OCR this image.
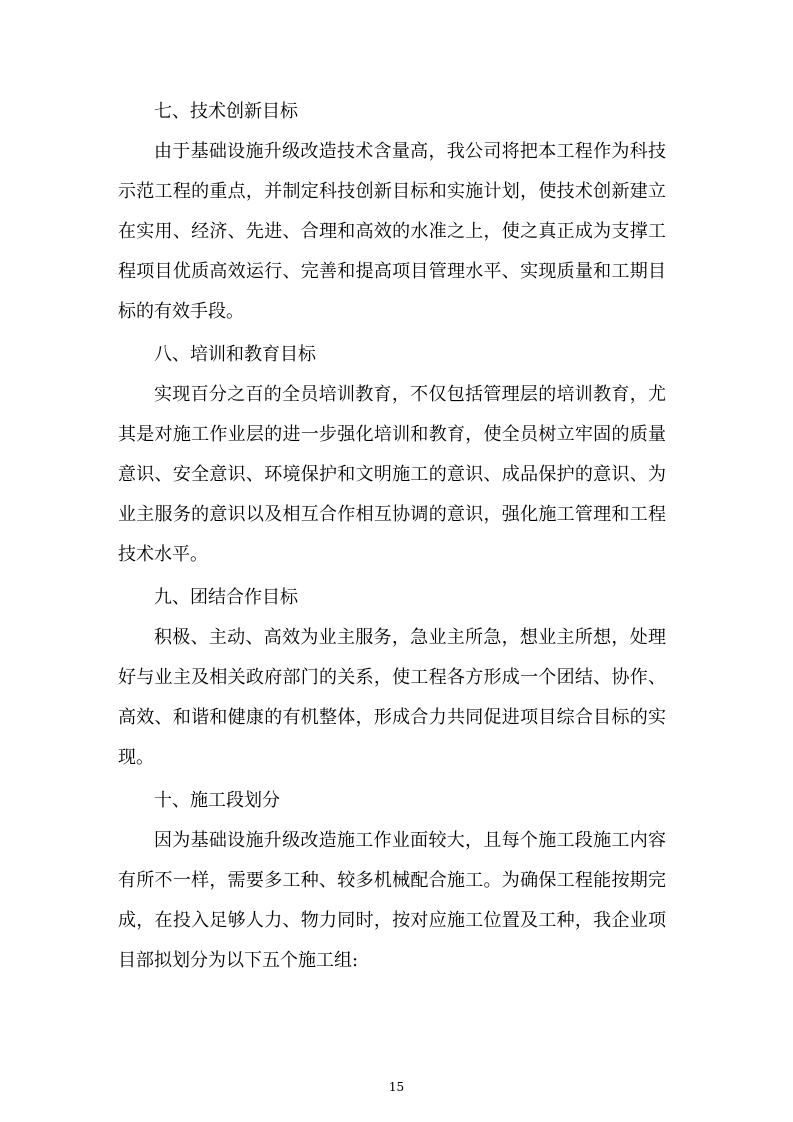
七、技术创新目标

由于基础设施升级改造技术含量高，我公司将把本工程作为科技示范工程的重点，并制定科技创新目标和实施计划，使技术创新建立在实用、经济、先进、合理和高效的水准之上，使之真正成为支撑工程项目优质高效运行、完善和提高项目管理水平、实现质量和工期目标的有效手段。

八、培训和教育目标

实现百分之百的全员培训教育，不仅包括管理层的培训教育，尤其是对施工作业层的进一步强化培训和教育，使全员树立牢固的质量意识、安全意识、环境保护和文明施工的意识、成品保护的意识、为业主服务的意识以及相互合作相互协调的意识，强化施工管理和工程技术水平。

九、团结合作目标

积极、主动、高效为业主服务，急业主所急，想业主所想，处理好与业主及相关政府部门的关系，使工程各方形成一个团结、协作、高效、和谐和健康的有机整体，形成合力共同促进项目综合目标的实现。

十、施工段划分

因为基础设施升级改造施工作业面较大，且每个施工段施工内容有所不一样，需要多工种、较多机械配合施工。为确保工程能按期完成，在投入足够人力、物力同时，按对应施工位置及工种，我企业项目部拟划分为以下五个施工组:

15
